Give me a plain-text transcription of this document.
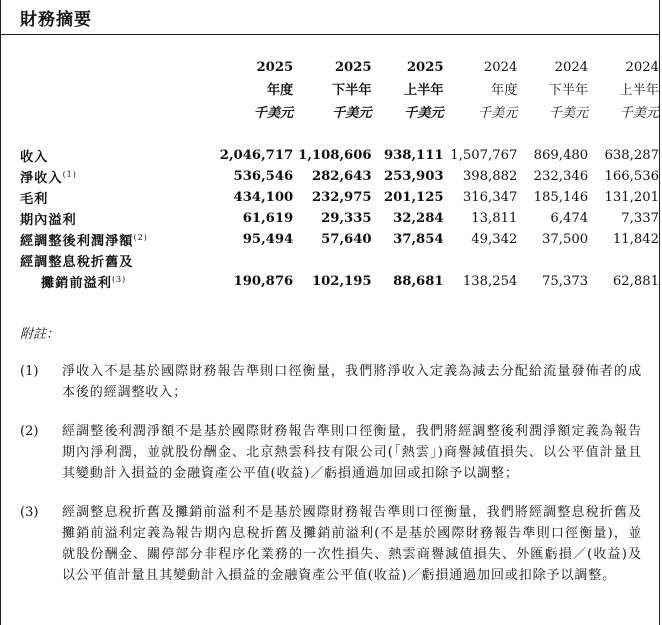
財務摘要
	2025	2025	2025	2024	2024	2024
	年度	下半年	上半年	年度	下半年	上半年
	千美元	千美元	千美元	千美元	千美元	千美元

收入	2,046,717	1,108,606	938,111	1,507,767	869,480	638,287
淨收入$^{(1)}$	536,546	282,643	253,903	398,882	232,346	166,536
毛利	434,100	232,975	201,125	316,347	185,146	131,201
期內溢利	61,619	29,335	32,284	13,811	6,474	7,337
經調整後利潤淨額$^{(2)}$	95,494	57,640	37,854	49,342	37,500	11,842
經調整息稅折舊及						
攤銷前溢利$^{(3)}$	190,876	102,195	88,681	138,254	75,373	62,881
附註：
(1)	淨收入不是基於國際財務報告準則口徑衡量，我們將淨收入定義為減去分配給流量發佈者的成本後的經調整收入；
(2)	經調整後利潤淨額不是基於國際財務報告準則口徑衡量，我們將經調整後利潤淨額定義為報告期內淨利潤，並就股份酬金、北京熱雲科技有限公司(「熱雲」)商譽減值損失、以公平值計量且其變動計入損益的金融資產公平值(收益)／虧損通過加回或扣除予以調整；
(3)	經調整息稅折舊及攤銷前溢利不是基於國際財務報告準則口徑衡量，我們將經調整息稅折舊及攤銷前溢利定義為報告期內息稅折舊及攤銷前溢利(不是基於國際財務報告準則口徑衡量)，並就股份酬金、關停部分非程序化業務的一次性損失、熱雲商譽減值損失、外匯虧損／(收益)及以公平值計量且其變動計入損益的金融資產公平值(收益)／虧損通過加回或扣除予以調整。
